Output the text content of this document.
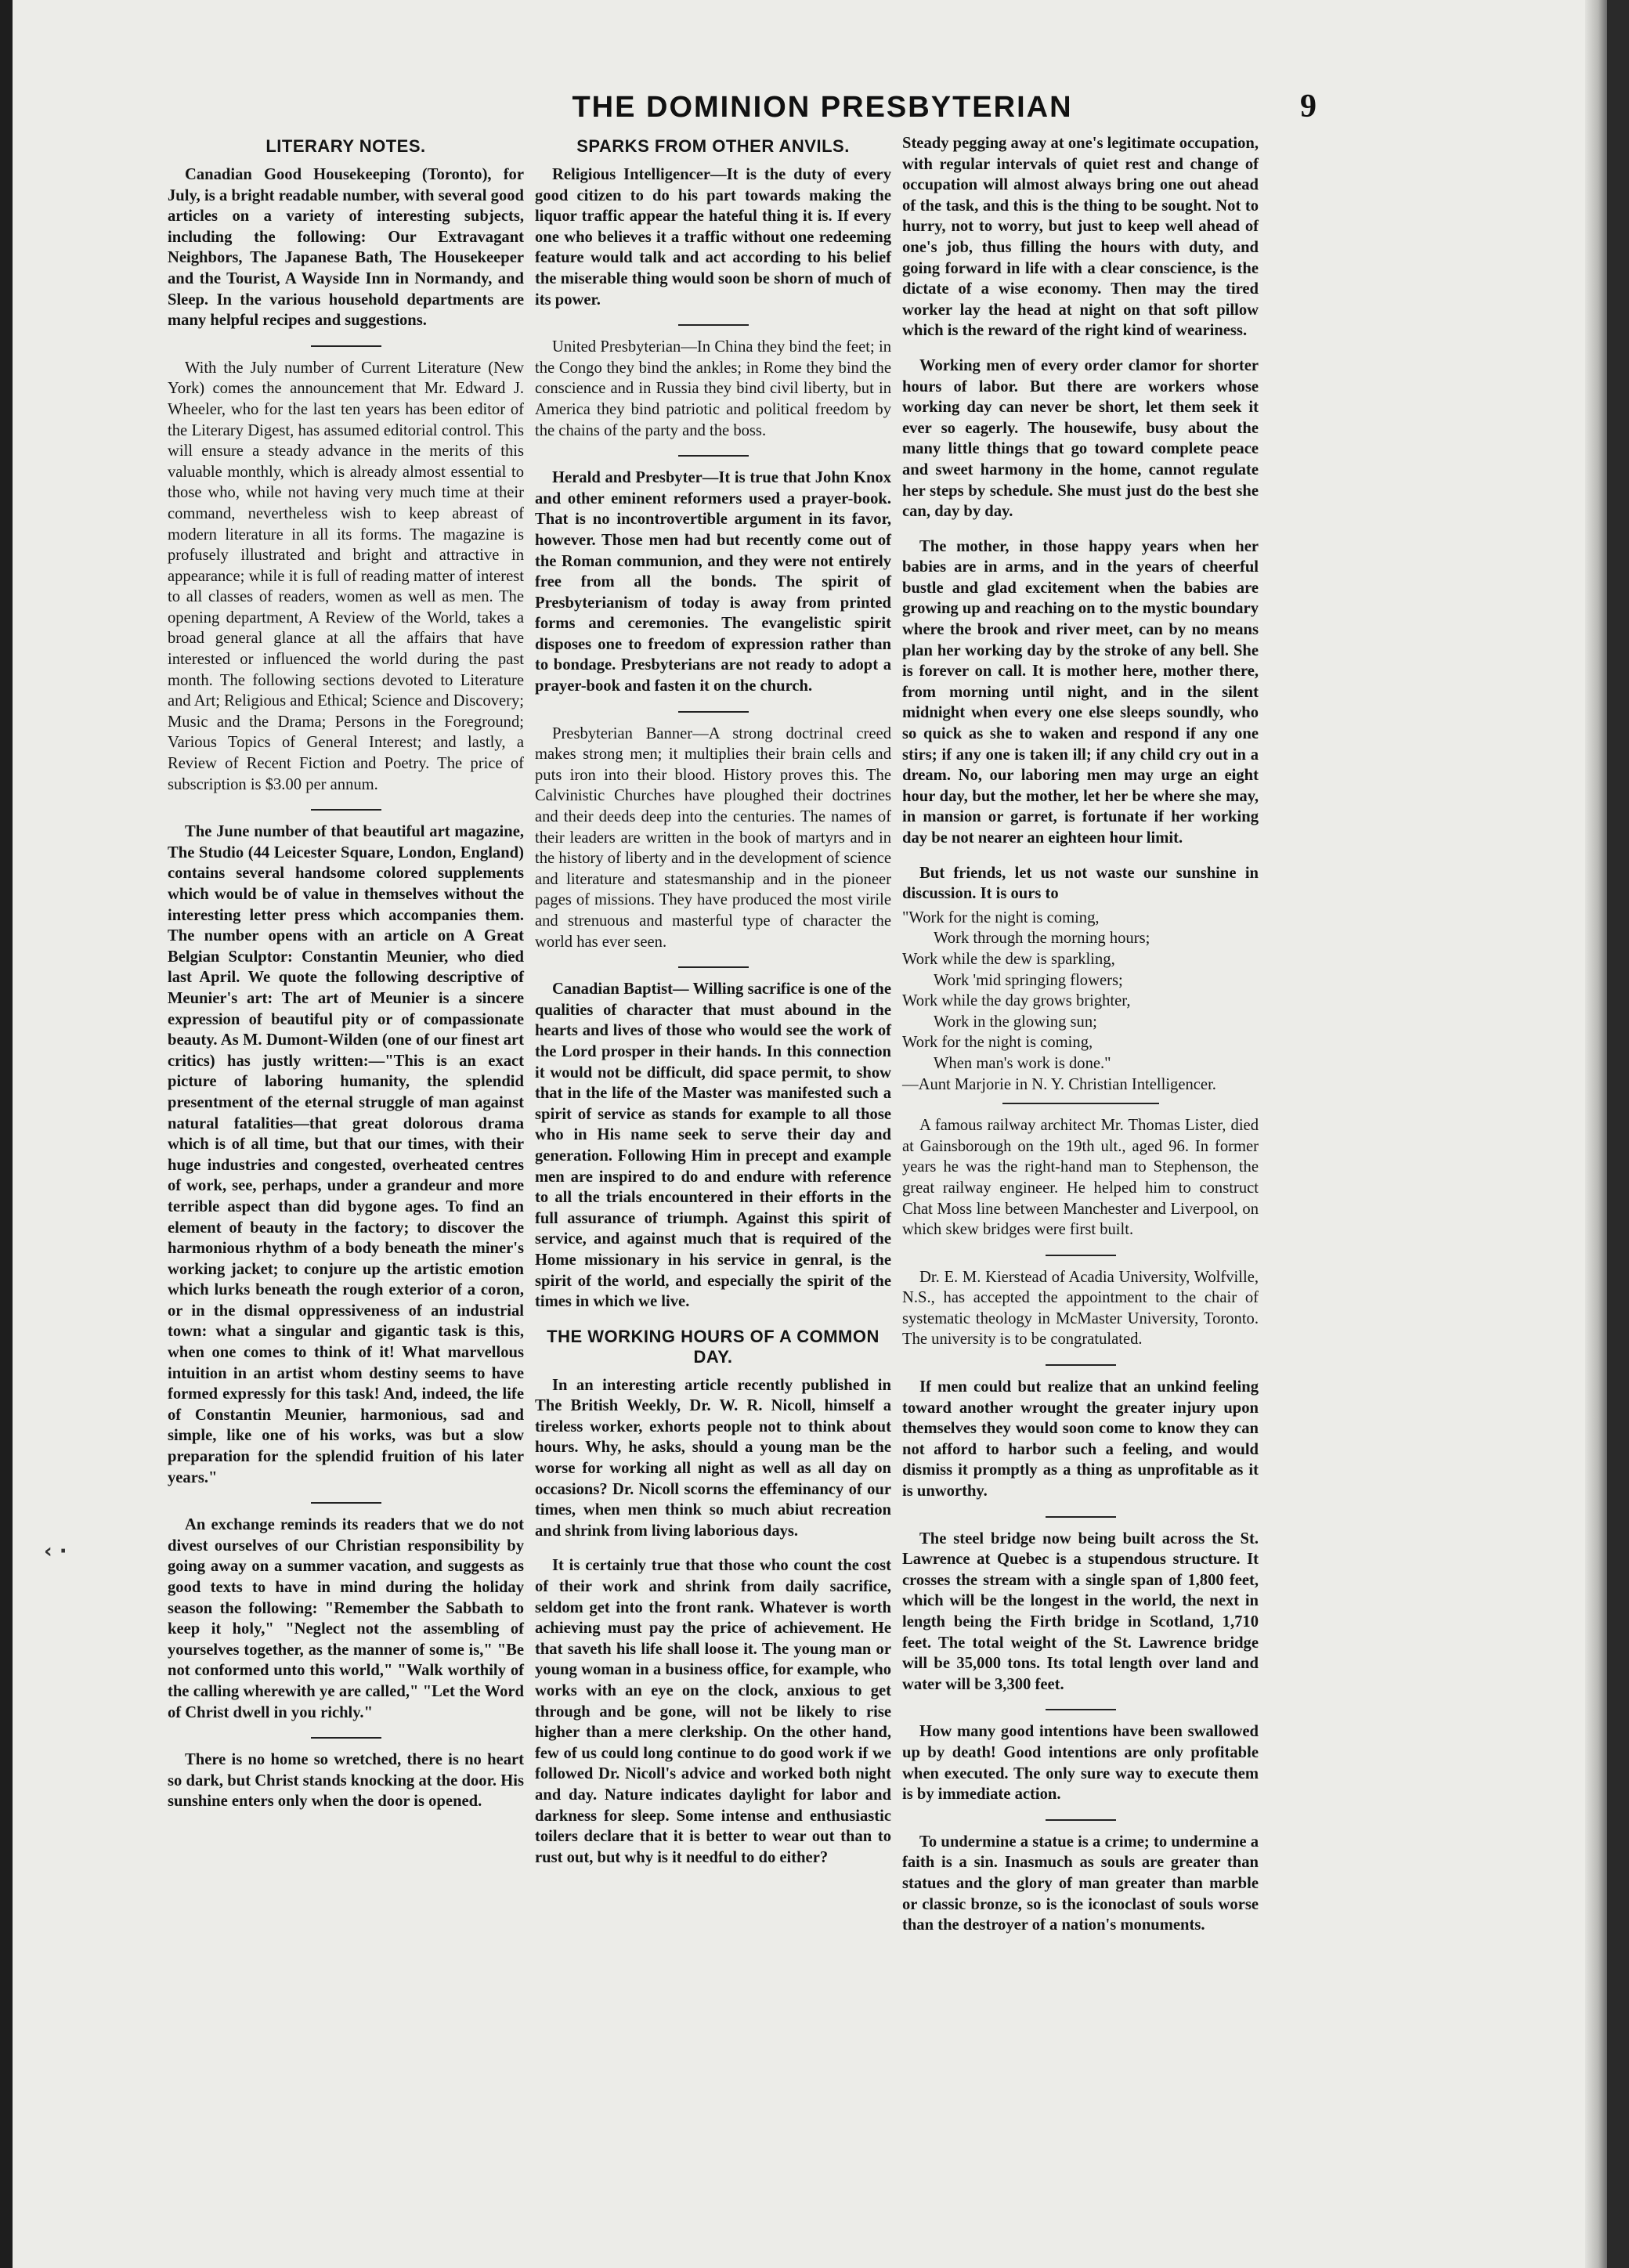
THE DOMINION PRESBYTERIAN	9
‹ ·
LITERARY NOTES.

Canadian Good Housekeeping (Toronto), for July, is a bright readable number, with several good articles on a variety of interesting subjects, including the following: Our Extravagant Neighbors, The Japanese Bath, The Housekeeper and the Tourist, A Wayside Inn in Normandy, and Sleep. In the various household departments are many helpful recipes and suggestions.

With the July number of Current Literature (New York) comes the announcement that Mr. Edward J. Wheeler, who for the last ten years has been editor of the Literary Digest, has assumed editorial control. This will ensure a steady advance in the merits of this valuable monthly, which is already almost essential to those who, while not having very much time at their command, nevertheless wish to keep abreast of modern literature in all its forms. The magazine is profusely illustrated and bright and attractive in appearance; while it is full of reading matter of interest to all classes of readers, women as well as men. The opening department, A Review of the World, takes a broad general glance at all the affairs that have interested or influenced the world during the past month. The following sections devoted to Literature and Art; Religious and Ethical; Science and Discovery; Music and the Drama; Persons in the Foreground; Various Topics of General Interest; and lastly, a Review of Recent Fiction and Poetry. The price of subscription is $3.00 per annum.

The June number of that beautiful art magazine, The Studio (44 Leicester Square, London, England) contains several handsome colored supplements which would be of value in themselves without the interesting letter press which accompanies them. The number opens with an article on A Great Belgian Sculptor: Constantin Meunier, who died last April. We quote the following descriptive of Meunier's art: The art of Meunier is a sincere expression of beautiful pity or of compassionate beauty. As M. Dumont-Wilden (one of our finest art critics) has justly written:—"This is an exact picture of laboring humanity, the splendid presentment of the eternal struggle of man against natural fatalities—that great dolorous drama which is of all time, but that our times, with their huge industries and congested, overheated centres of work, see, perhaps, under a grandeur and more terrible aspect than did bygone ages. To find an element of beauty in the factory; to discover the harmonious rhythm of a body beneath the miner's working jacket; to conjure up the artistic emotion which lurks beneath the rough exterior of a coron, or in the dismal oppressiveness of an industrial town: what a singular and gigantic task is this, when one comes to think of it! What marvellous intuition in an artist whom destiny seems to have formed expressly for this task! And, indeed, the life of Constantin Meunier, harmonious, sad and simple, like one of his works, was but a slow preparation for the splendid fruition of his later years."

An exchange reminds its readers that we do not divest ourselves of our Christian responsibility by going away on a summer vacation, and suggests as good texts to have in mind during the holiday season the following: "Remember the Sabbath to keep it holy," "Neglect not the assembling of yourselves together, as the manner of some is," "Be not conformed unto this world," "Walk worthily of the calling wherewith ye are called," "Let the Word of Christ dwell in you richly."

There is no home so wretched, there is no heart so dark, but Christ stands knocking at the door. His sunshine enters only when the door is opened.

SPARKS FROM OTHER ANVILS.

Religious Intelligencer—It is the duty of every good citizen to do his part towards making the liquor traffic appear the hateful thing it is. If every one who believes it a traffic without one redeeming feature would talk and act according to his belief the miserable thing would soon be shorn of much of its power.

United Presbyterian—In China they bind the feet; in the Congo they bind the ankles; in Rome they bind the conscience and in Russia they bind civil liberty, but in America they bind patriotic and political freedom by the chains of the party and the boss.

Herald and Presbyter—It is true that John Knox and other eminent reformers used a prayer-book. That is no incontrovertible argument in its favor, however. Those men had but recently come out of the Roman communion, and they were not entirely free from all the bonds. The spirit of Presbyterianism of today is away from printed forms and ceremonies. The evangelistic spirit disposes one to freedom of expression rather than to bondage. Presbyterians are not ready to adopt a prayer-book and fasten it on the church.

Presbyterian Banner—A strong doctrinal creed makes strong men; it multiplies their brain cells and puts iron into their blood. History proves this. The Calvinistic Churches have ploughed their doctrines and their deeds deep into the centuries. The names of their leaders are written in the book of martyrs and in the history of liberty and in the development of science and literature and statesmanship and in the pioneer pages of missions. They have produced the most virile and strenuous and masterful type of character the world has ever seen.

Canadian Baptist— Willing sacrifice is one of the qualities of character that must abound in the hearts and lives of those who would see the work of the Lord prosper in their hands. In this connection it would not be difficult, did space permit, to show that in the life of the Master was manifested such a spirit of service as stands for example to all those who in His name seek to serve their day and generation. Following Him in precept and example men are inspired to do and endure with reference to all the trials encountered in their efforts in the full assurance of triumph. Against this spirit of service, and against much that is required of the Home missionary in his service in genral, is the spirit of the world, and especially the spirit of the times in which we live.

THE WORKING HOURS OF A COMMON DAY.

In an interesting article recently published in The British Weekly, Dr. W. R. Nicoll, himself a tireless worker, exhorts people not to think about hours. Why, he asks, should a young man be the worse for working all night as well as all day on occasions? Dr. Nicoll scorns the effeminancy of our times, when men think so much abiut recreation and shrink from living laborious days.

It is certainly true that those who count the cost of their work and shrink from daily sacrifice, seldom get into the front rank. Whatever is worth achieving must pay the price of achievement. He that saveth his life shall loose it. The young man or young woman in a business office, for example, who works with an eye on the clock, anxious to get through and be gone, will not be likely to rise higher than a mere clerkship. On the other hand, few of us could long continue to do good work if we followed Dr. Nicoll's advice and worked both night and day. Nature indicates daylight for labor and darkness for sleep. Some intense and enthusiastic toilers declare that it is better to wear out than to rust out, but why is it needful to do either?

Steady pegging away at one's legitimate occupation, with regular intervals of quiet rest and change of occupation will almost always bring one out ahead of the task, and this is the thing to be sought. Not to hurry, not to worry, but just to keep well ahead of one's job, thus filling the hours with duty, and going forward in life with a clear conscience, is the dictate of a wise economy. Then may the tired worker lay the head at night on that soft pillow which is the reward of the right kind of weariness.

Working men of every order clamor for shorter hours of labor. But there are workers whose working day can never be short, let them seek it ever so eagerly. The housewife, busy about the many little things that go toward complete peace and sweet harmony in the home, cannot regulate her steps by schedule. She must just do the best she can, day by day.

The mother, in those happy years when her babies are in arms, and in the years of cheerful bustle and glad excitement when the babies are growing up and reaching on to the mystic boundary where the brook and river meet, can by no means plan her working day by the stroke of any bell. She is forever on call. It is mother here, mother there, from morning until night, and in the silent midnight when every one else sleeps soundly, who so quick as she to waken and respond if any one stirs; if any one is taken ill; if any child cry out in a dream. No, our laboring men may urge an eight hour day, but the mother, let her be where she may, in mansion or garret, is fortunate if her working day be not nearer an eighteen hour limit.

But friends, let us not waste our sunshine in discussion. It is ours to

"Work for the night is coming,
Work through the morning hours;
Work while the dew is sparkling,
Work 'mid springing flowers;
Work while the day grows brighter,
Work in the glowing sun;
Work for the night is coming,
When man's work is done."
—Aunt Marjorie in N. Y. Christian Intelligencer.

A famous railway architect Mr. Thomas Lister, died at Gainsborough on the 19th ult., aged 96. In former years he was the right-hand man to Stephenson, the great railway engineer. He helped him to construct Chat Moss line between Manchester and Liverpool, on which skew bridges were first built.

Dr. E. M. Kierstead of Acadia University, Wolfville, N.S., has accepted the appointment to the chair of systematic theology in McMaster University, Toronto. The university is to be congratulated.

If men could but realize that an unkind feeling toward another wrought the greater injury upon themselves they would soon come to know they can not afford to harbor such a feeling, and would dismiss it promptly as a thing as unprofitable as it is unworthy.

The steel bridge now being built across the St. Lawrence at Quebec is a stupendous structure. It crosses the stream with a single span of 1,800 feet, which will be the longest in the world, the next in length being the Firth bridge in Scotland, 1,710 feet. The total weight of the St. Lawrence bridge will be 35,000 tons. Its total length over land and water will be 3,300 feet.

How many good intentions have been swallowed up by death! Good intentions are only profitable when executed. The only sure way to execute them is by immediate action.

To undermine a statue is a crime; to undermine a faith is a sin. Inasmuch as souls are greater than statues and the glory of man greater than marble or classic bronze, so is the iconoclast of souls worse than the destroyer of a nation's monuments.
